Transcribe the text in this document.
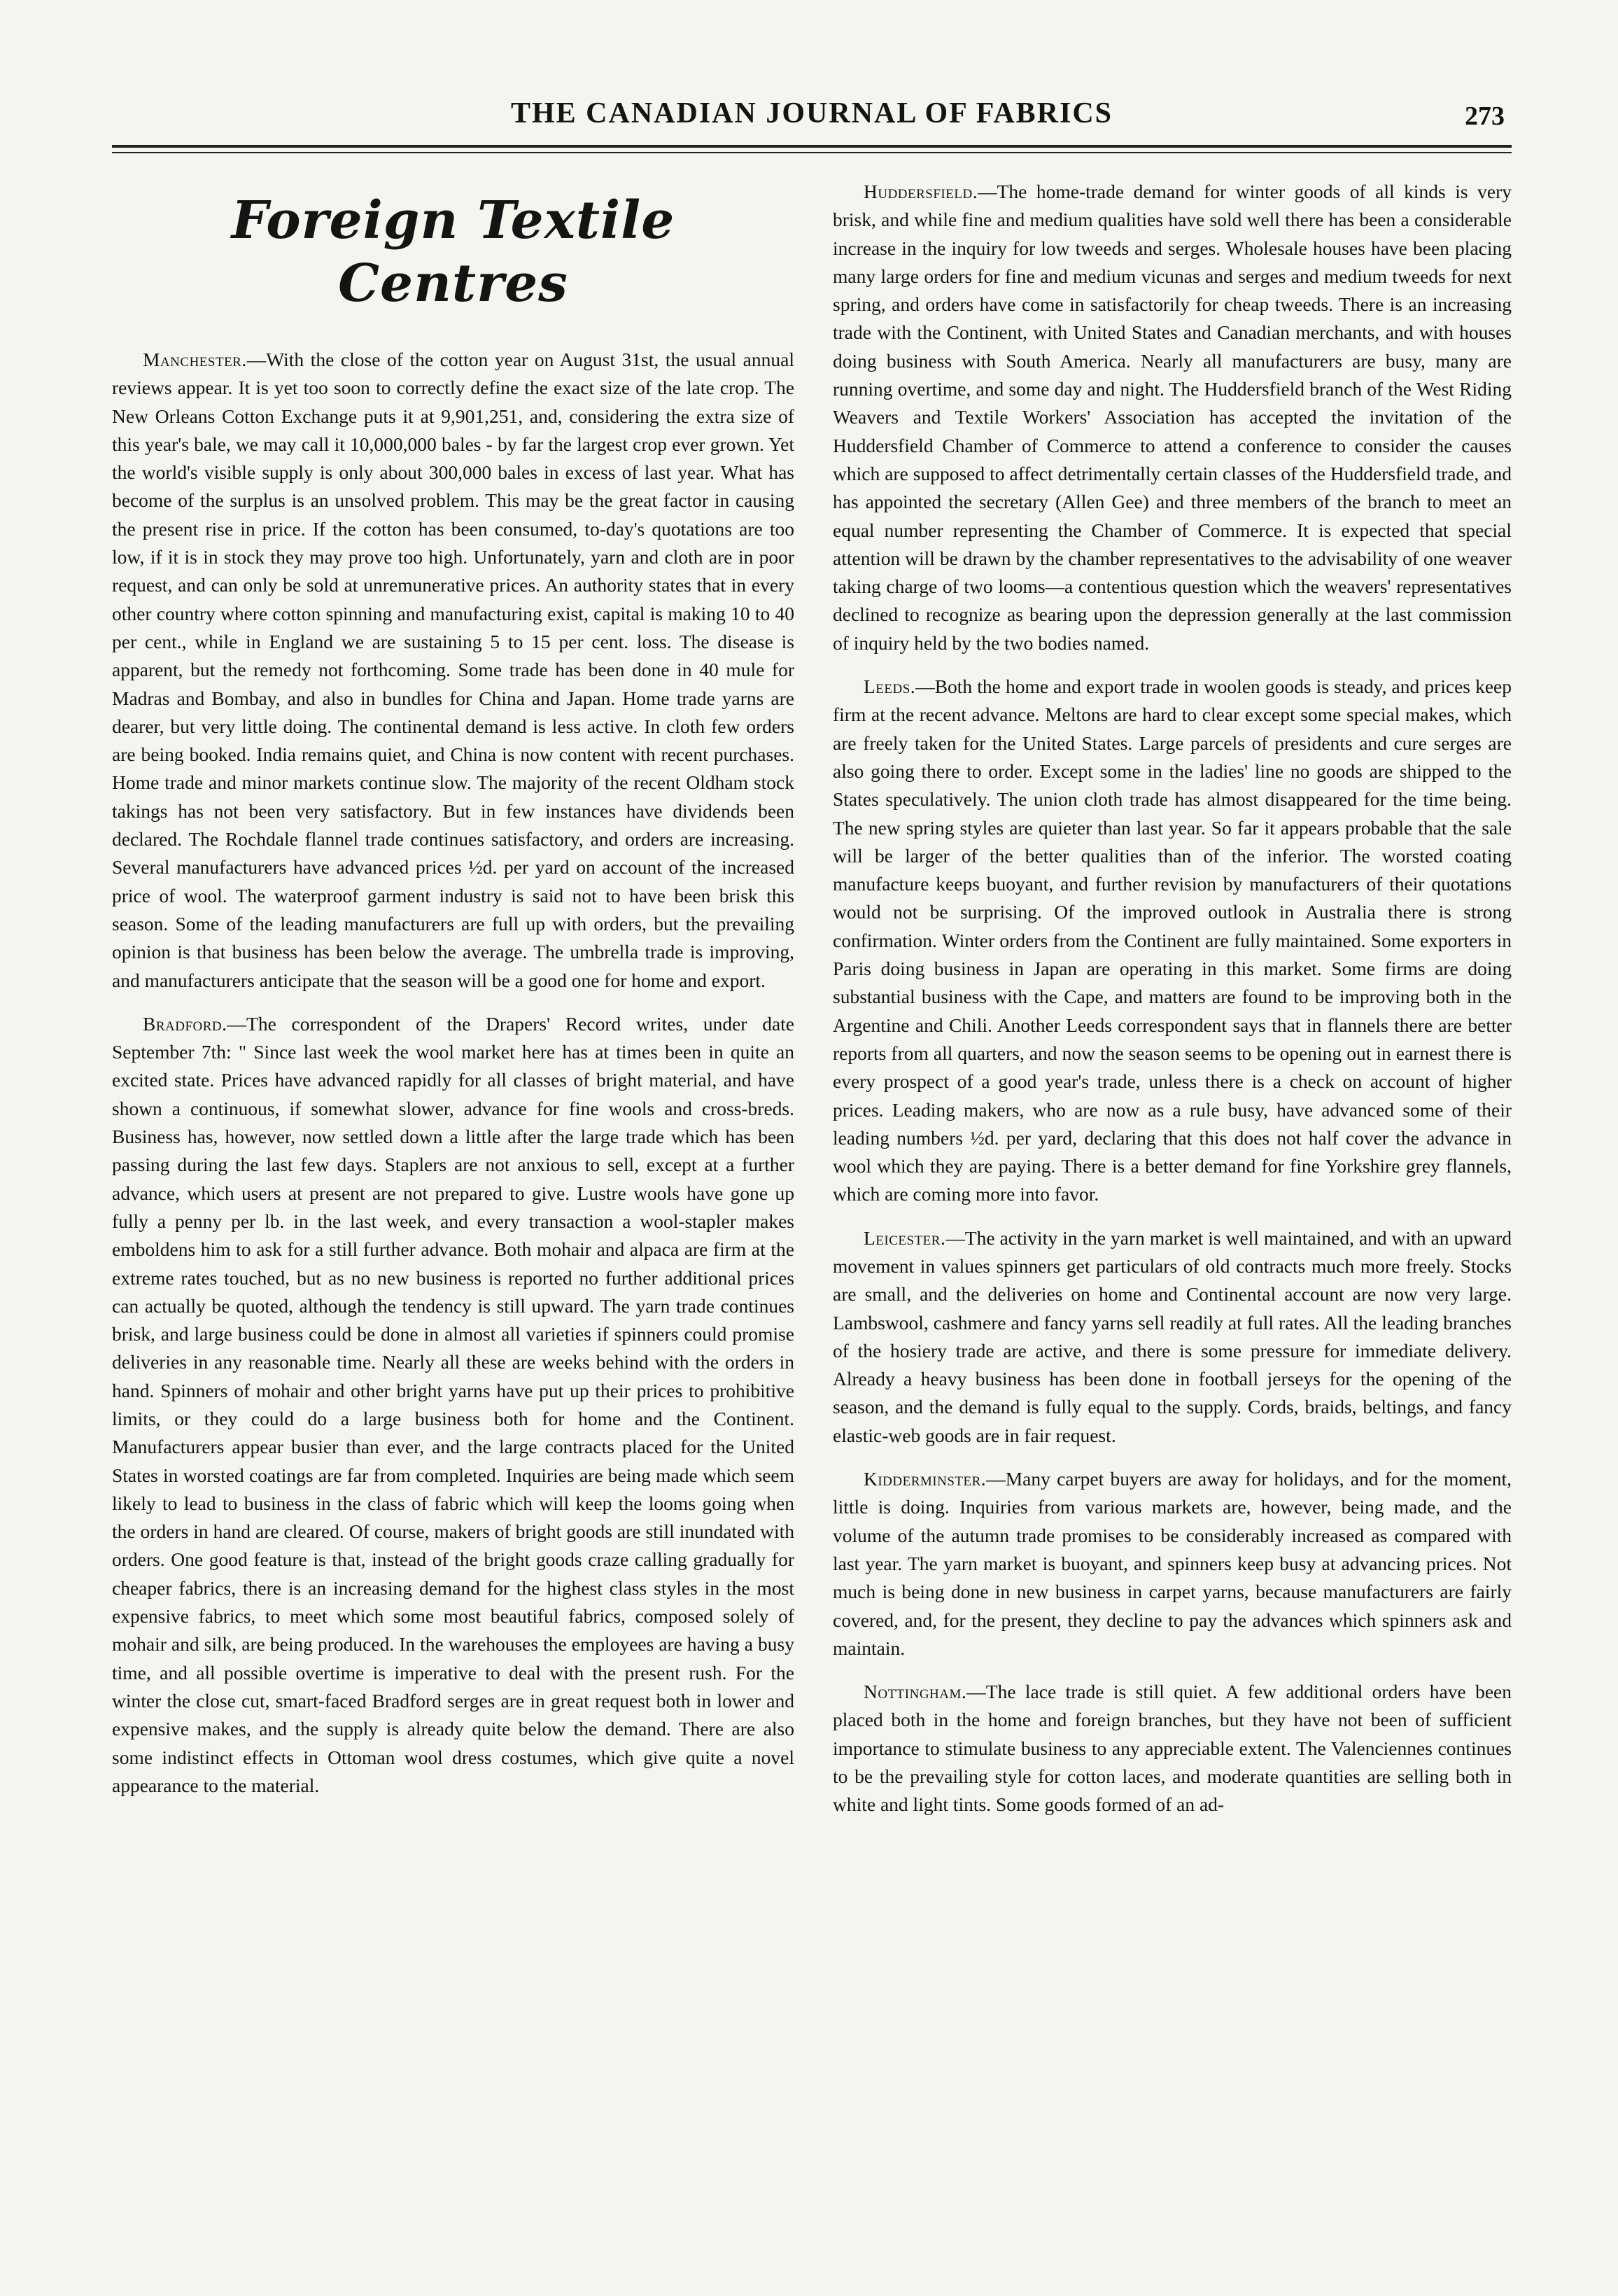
THE CANADIAN JOURNAL OF FABRICS	273
Foreign Textile Centres

Manchester.—With the close of the cotton year on August 31st, the usual annual reviews appear. It is yet too soon to correctly define the exact size of the late crop. The New Orleans Cotton Exchange puts it at 9,901,251, and, considering the extra size of this year's bale, we may call it 10,000,000 bales - by far the largest crop ever grown. Yet the world's visible supply is only about 300,000 bales in excess of last year. What has become of the surplus is an unsolved problem. This may be the great factor in causing the present rise in price. If the cotton has been consumed, to-day's quotations are too low, if it is in stock they may prove too high. Unfortunately, yarn and cloth are in poor request, and can only be sold at unremunerative prices. An authority states that in every other country where cotton spinning and manufacturing exist, capital is making 10 to 40 per cent., while in England we are sustaining 5 to 15 per cent. loss. The disease is apparent, but the remedy not forthcoming. Some trade has been done in 40 mule for Madras and Bombay, and also in bundles for China and Japan. Home trade yarns are dearer, but very little doing. The continental demand is less active. In cloth few orders are being booked. India remains quiet, and China is now content with recent purchases. Home trade and minor markets continue slow. The majority of the recent Oldham stock takings has not been very satisfactory. But in few instances have dividends been declared. The Rochdale flannel trade continues satisfactory, and orders are increasing. Several manufacturers have advanced prices ½d. per yard on account of the increased price of wool. The waterproof garment industry is said not to have been brisk this season. Some of the leading manufacturers are full up with orders, but the prevailing opinion is that business has been below the average. The umbrella trade is improving, and manufacturers anticipate that the season will be a good one for home and export.

Bradford.—The correspondent of the Drapers' Record writes, under date September 7th: " Since last week the wool market here has at times been in quite an excited state. Prices have advanced rapidly for all classes of bright material, and have shown a continuous, if somewhat slower, advance for fine wools and cross-breds. Business has, however, now settled down a little after the large trade which has been passing during the last few days. Staplers are not anxious to sell, except at a further advance, which users at present are not prepared to give. Lustre wools have gone up fully a penny per lb. in the last week, and every transaction a wool-stapler makes emboldens him to ask for a still further advance. Both mohair and alpaca are firm at the extreme rates touched, but as no new business is reported no further additional prices can actually be quoted, although the tendency is still upward. The yarn trade continues brisk, and large business could be done in almost all varieties if spinners could promise deliveries in any reasonable time. Nearly all these are weeks behind with the orders in hand. Spinners of mohair and other bright yarns have put up their prices to prohibitive limits, or they could do a large business both for home and the Continent. Manufacturers appear busier than ever, and the large contracts placed for the United States in worsted coatings are far from completed. Inquiries are being made which seem likely to lead to business in the class of fabric which will keep the looms going when the orders in hand are cleared. Of course, makers of bright goods are still inundated with orders. One good feature is that, instead of the bright goods craze calling gradually for cheaper fabrics, there is an increasing demand for the highest class styles in the most expensive fabrics, to meet which some most beautiful fabrics, composed solely of mohair and silk, are being produced. In the warehouses the employees are having a busy time, and all possible overtime is imperative to deal with the present rush. For the winter the close cut, smart-faced Bradford serges are in great request both in lower and expensive makes, and the supply is already quite below the demand. There are also some indistinct effects in Ottoman wool dress costumes, which give quite a novel appearance to the material.

Huddersfield.—The home-trade demand for winter goods of all kinds is very brisk, and while fine and medium qualities have sold well there has been a considerable increase in the inquiry for low tweeds and serges. Wholesale houses have been placing many large orders for fine and medium vicunas and serges and medium tweeds for next spring, and orders have come in satisfactorily for cheap tweeds. There is an increasing trade with the Continent, with United States and Canadian merchants, and with houses doing business with South America. Nearly all manufacturers are busy, many are running overtime, and some day and night. The Huddersfield branch of the West Riding Weavers and Textile Workers' Association has accepted the invitation of the Huddersfield Chamber of Commerce to attend a conference to consider the causes which are supposed to affect detrimentally certain classes of the Huddersfield trade, and has appointed the secretary (Allen Gee) and three members of the branch to meet an equal number representing the Chamber of Commerce. It is expected that special attention will be drawn by the chamber representatives to the advisability of one weaver taking charge of two looms—a contentious question which the weavers' representatives declined to recognize as bearing upon the depression generally at the last commission of inquiry held by the two bodies named.

Leeds.—Both the home and export trade in woolen goods is steady, and prices keep firm at the recent advance. Meltons are hard to clear except some special makes, which are freely taken for the United States. Large parcels of presidents and cure serges are also going there to order. Except some in the ladies' line no goods are shipped to the States speculatively. The union cloth trade has almost disappeared for the time being. The new spring styles are quieter than last year. So far it appears probable that the sale will be larger of the better qualities than of the inferior. The worsted coating manufacture keeps buoyant, and further revision by manufacturers of their quotations would not be surprising. Of the improved outlook in Australia there is strong confirmation. Winter orders from the Continent are fully maintained. Some exporters in Paris doing business in Japan are operating in this market. Some firms are doing substantial business with the Cape, and matters are found to be improving both in the Argentine and Chili. Another Leeds correspondent says that in flannels there are better reports from all quarters, and now the season seems to be opening out in earnest there is every prospect of a good year's trade, unless there is a check on account of higher prices. Leading makers, who are now as a rule busy, have advanced some of their leading numbers ½d. per yard, declaring that this does not half cover the advance in wool which they are paying. There is a better demand for fine Yorkshire grey flannels, which are coming more into favor.

Leicester.—The activity in the yarn market is well maintained, and with an upward movement in values spinners get particulars of old contracts much more freely. Stocks are small, and the deliveries on home and Continental account are now very large. Lambswool, cashmere and fancy yarns sell readily at full rates. All the leading branches of the hosiery trade are active, and there is some pressure for immediate delivery. Already a heavy business has been done in football jerseys for the opening of the season, and the demand is fully equal to the supply. Cords, braids, beltings, and fancy elastic-web goods are in fair request.

Kidderminster.—Many carpet buyers are away for holidays, and for the moment, little is doing. Inquiries from various markets are, however, being made, and the volume of the autumn trade promises to be considerably increased as compared with last year. The yarn market is buoyant, and spinners keep busy at advancing prices. Not much is being done in new business in carpet yarns, because manufacturers are fairly covered, and, for the present, they decline to pay the advances which spinners ask and maintain.

Nottingham.—The lace trade is still quiet. A few additional orders have been placed both in the home and foreign branches, but they have not been of sufficient importance to stimulate business to any appreciable extent. The Valenciennes continues to be the prevailing style for cotton laces, and moderate quantities are selling both in white and light tints. Some goods formed of an ad-
